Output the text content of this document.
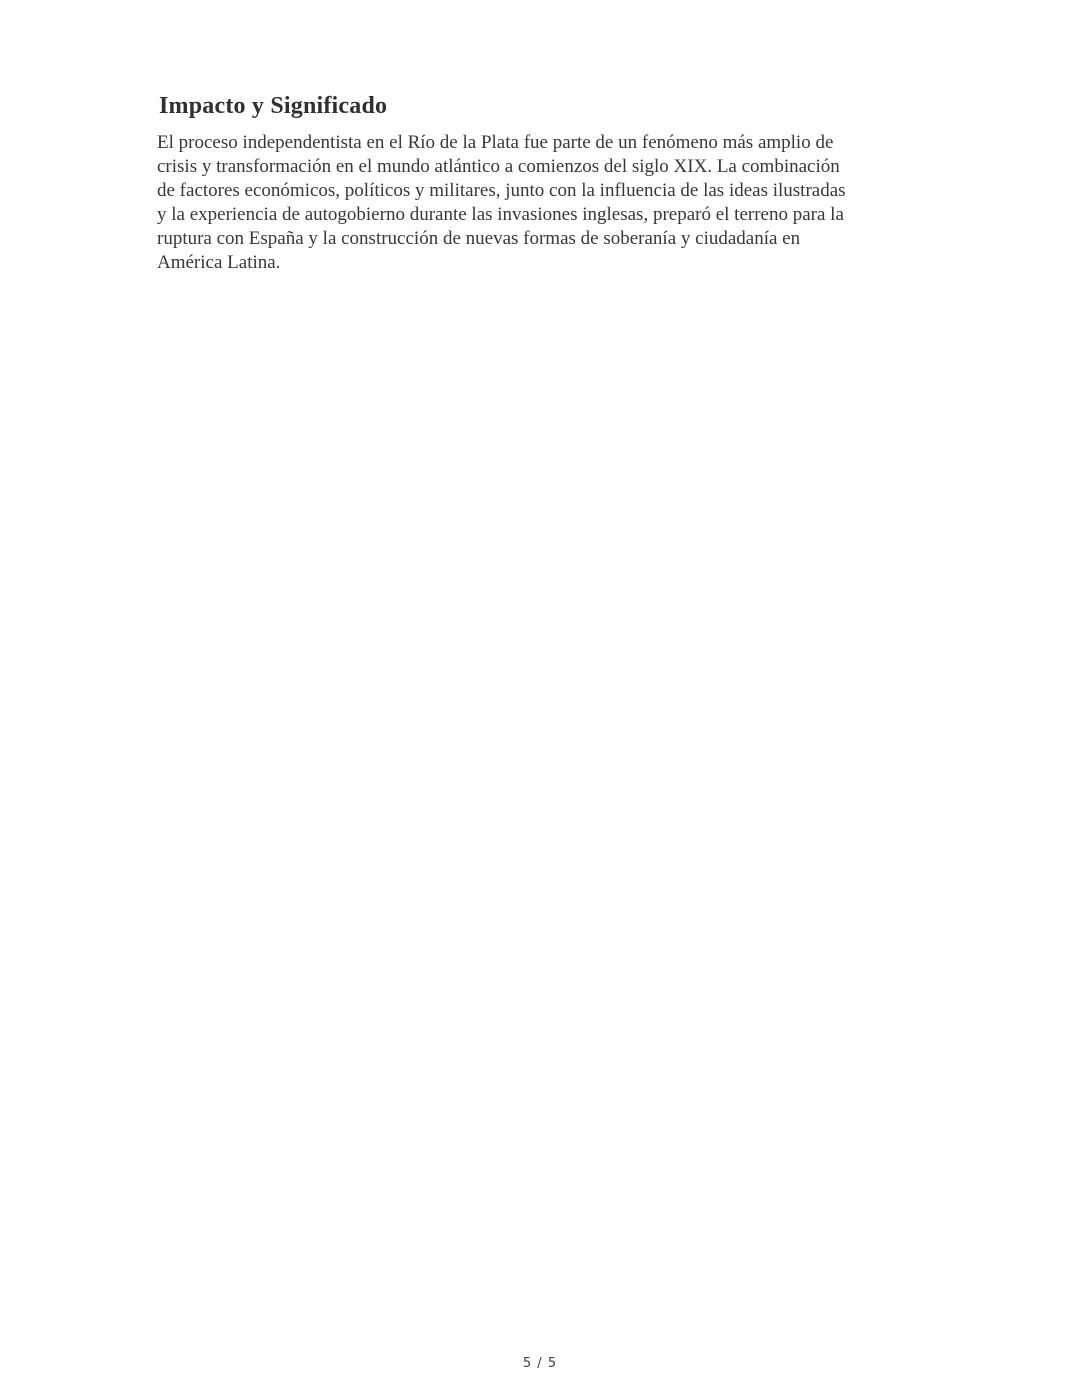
Impacto y Significado
El proceso independentista en el Río de la Plata fue parte de un fenómeno más amplio de
crisis y transformación en el mundo atlántico a comienzos del siglo XIX. La combinación
de factores económicos, políticos y militares, junto con la influencia de las ideas ilustradas
y la experiencia de autogobierno durante las invasiones inglesas, preparó el terreno para la
ruptura con España y la construcción de nuevas formas de soberanía y ciudadanía en
América Latina.
5 / 5
